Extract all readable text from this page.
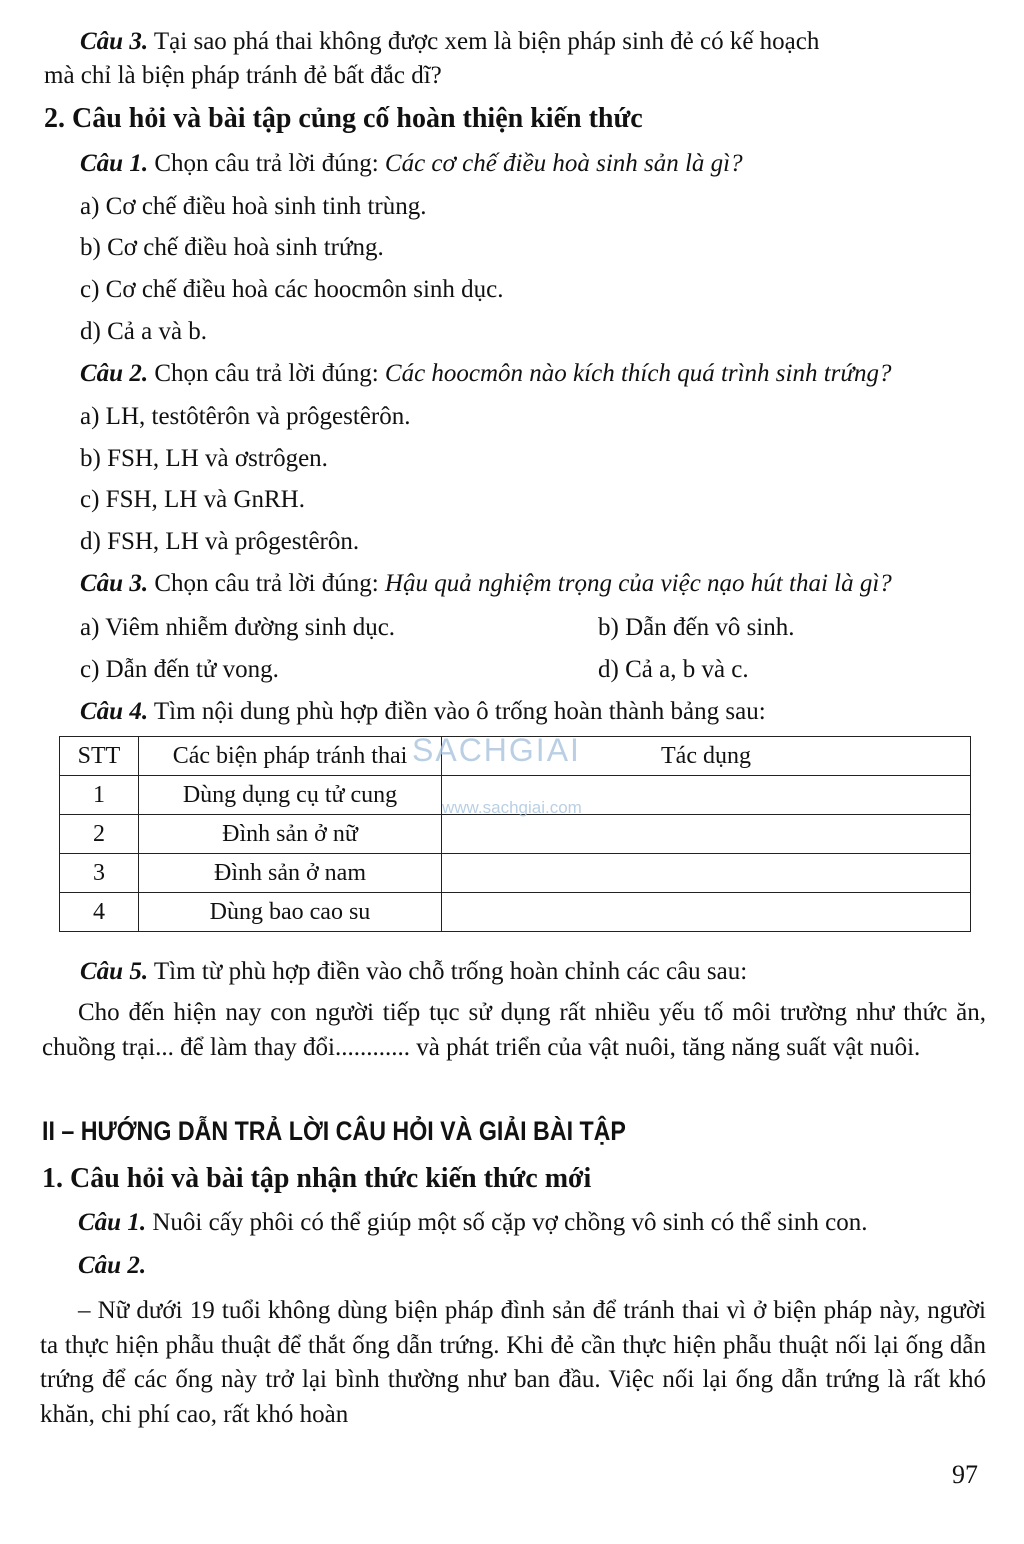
Câu 3. Tại sao phá thai không được xem là biện pháp sinh đẻ có kế hoạch
mà chỉ là biện pháp tránh đẻ bất đắc dĩ?
2. Câu hỏi và bài tập củng cố hoàn thiện kiến thức
Câu 1. Chọn câu trả lời đúng: Các cơ chế điều hoà sinh sản là gì?
a) Cơ chế điều hoà sinh tinh trùng.
b) Cơ chế điều hoà sinh trứng.
c) Cơ chế điều hoà các hoocmôn sinh dục.
d) Cả a và b.
Câu 2. Chọn câu trả lời đúng: Các hoocmôn nào kích thích quá trình sinh trứng?
a) LH, testôtêrôn và prôgestêrôn.
b) FSH, LH và ơstrôgen.
c) FSH, LH và GnRH.
d) FSH, LH và prôgestêrôn.
Câu 3. Chọn câu trả lời đúng: Hậu quả nghiệm trọng của việc nạo hút thai là gì?
a) Viêm nhiễm đường sinh dục.	b) Dẫn đến vô sinh.
c) Dẫn đến tử vong.	d) Cả a, b và c.
Câu 4. Tìm nội dung phù hợp điền vào ô trống hoàn thành bảng sau:
STT	Các biện pháp tránh thai	Tác dụng
1	Dùng dụng cụ tử cung	
2	Đình sản ở nữ	
3	Đình sản ở nam	
4	Dùng bao cao su	
SACHGIAI
www.sachgiai.com
Câu 5. Tìm từ phù hợp điền vào chỗ trống hoàn chỉnh các câu sau:
Cho đến hiện nay con người tiếp tục sử dụng rất nhiều yếu tố môi trường như thức ăn, chuồng trại... để làm thay đổi............ và phát triển của vật nuôi, tăng năng suất vật nuôi.
II – HƯỚNG DẪN TRẢ LỜI CÂU HỎI VÀ GIẢI BÀI TẬP
1. Câu hỏi và bài tập nhận thức kiến thức mới
Câu 1. Nuôi cấy phôi có thể giúp một số cặp vợ chồng vô sinh có thể sinh con.
Câu 2.
– Nữ dưới 19 tuổi không dùng biện pháp đình sản để tránh thai vì ở biện pháp này, người ta thực hiện phẫu thuật để thắt ống dẫn trứng. Khi đẻ cần thực hiện phẫu thuật nối lại ống dẫn trứng để các ống này trở lại bình thường như ban đầu. Việc nối lại ống dẫn trứng là rất khó khăn, chi phí cao, rất khó hoàn
97
